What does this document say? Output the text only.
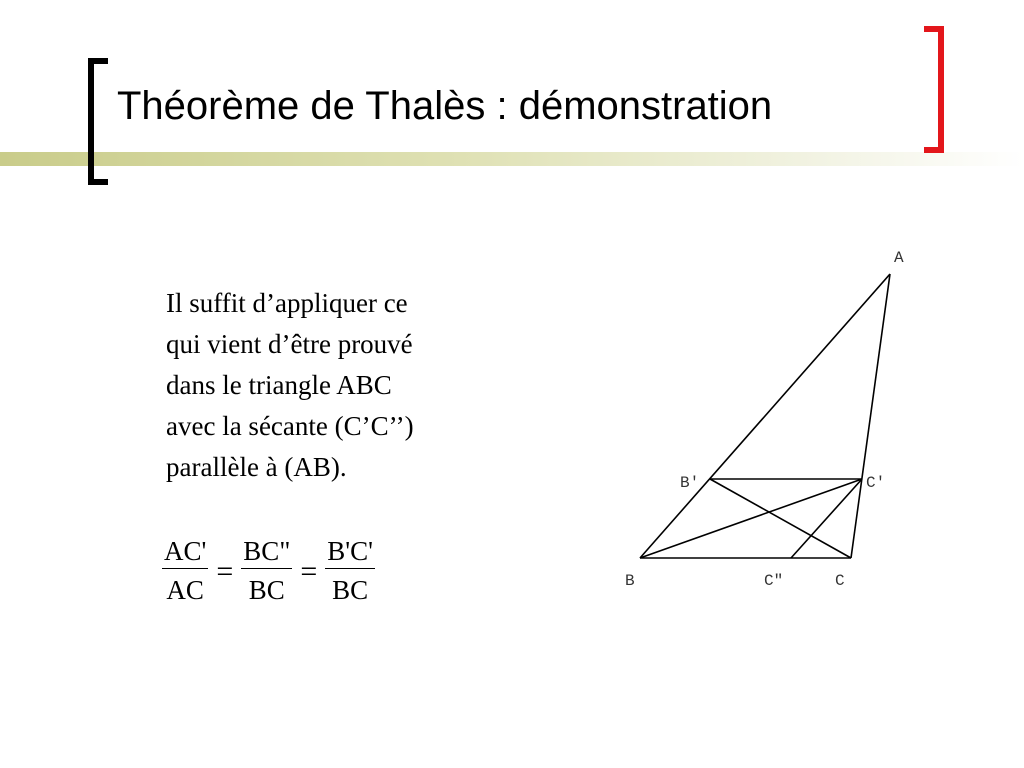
Théorème de Thalès : démonstration
Il suffit d’appliquer ce
qui vient d’être prouvé
dans le triangle ABC
avec la sécante (C’C’’)
parallèle à (AB).
$\frac{AC'}{AC} = \frac{BC"}{BC} = \frac{B'C'}{BC}$
A
B	C
B'	C'
C"
